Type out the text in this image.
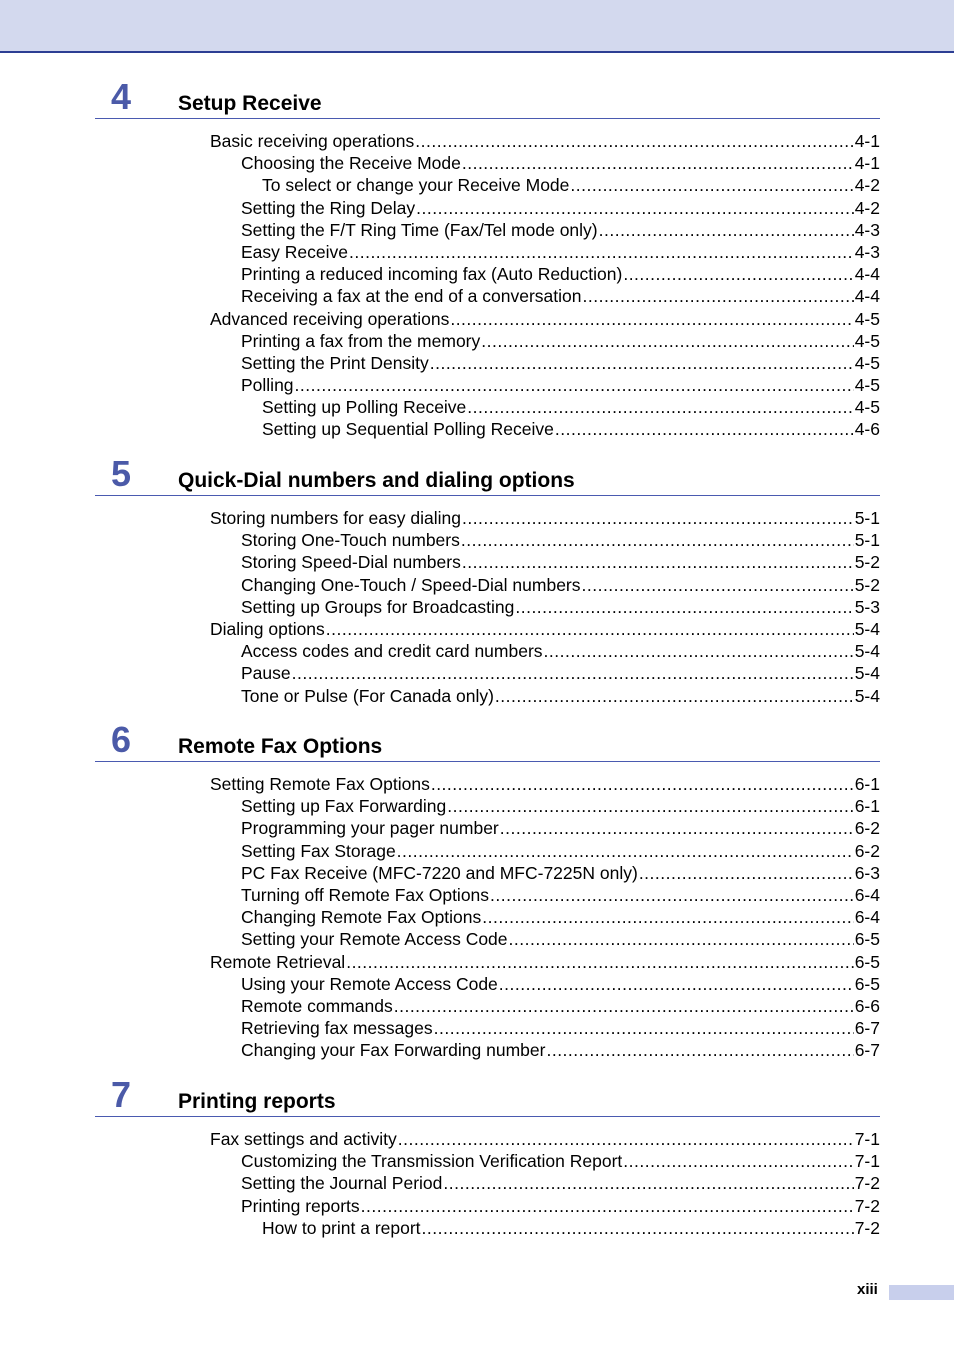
4 Setup Receive
Basic receiving operations .....	4-1
Choosing the Receive Mode .....	4-1
To select or change your Receive Mode .....	4-2
Setting the Ring Delay .....	4-2
Setting the F/T Ring Time (Fax/Tel mode only) .....	4-3
Easy Receive .....	4-3
Printing a reduced incoming fax (Auto Reduction) .....	4-4
Receiving a fax at the end of a conversation .....	4-4
Advanced receiving operations .....	4-5
Printing a fax from the memory .....	4-5
Setting the Print Density .....	4-5
Polling .....	4-5
Setting up Polling Receive .....	4-5
Setting up Sequential Polling Receive .....	4-6
5 Quick-Dial numbers and dialing options
Storing numbers for easy dialing .....	5-1
Storing One-Touch numbers .....	5-1
Storing Speed-Dial numbers .....	5-2
Changing One-Touch / Speed-Dial numbers .....	5-2
Setting up Groups for Broadcasting .....	5-3
Dialing options .....	5-4
Access codes and credit card numbers .....	5-4
Pause .....	5-4
Tone or Pulse (For Canada only) .....	5-4
6 Remote Fax Options
Setting Remote Fax Options .....	6-1
Setting up Fax Forwarding .....	6-1
Programming your pager number .....	6-2
Setting Fax Storage .....	6-2
PC Fax Receive (MFC-7220 and MFC-7225N only) .....	6-3
Turning off Remote Fax Options .....	6-4
Changing Remote Fax Options .....	6-4
Setting your Remote Access Code .....	6-5
Remote Retrieval .....	6-5
Using your Remote Access Code .....	6-5
Remote commands .....	6-6
Retrieving fax messages .....	6-7
Changing your Fax Forwarding number .....	6-7
7 Printing reports
Fax settings and activity .....	7-1
Customizing the Transmission Verification Report .....	7-1
Setting the Journal Period .....	7-2
Printing reports .....	7-2
How to print a report .....	7-2
xiii
